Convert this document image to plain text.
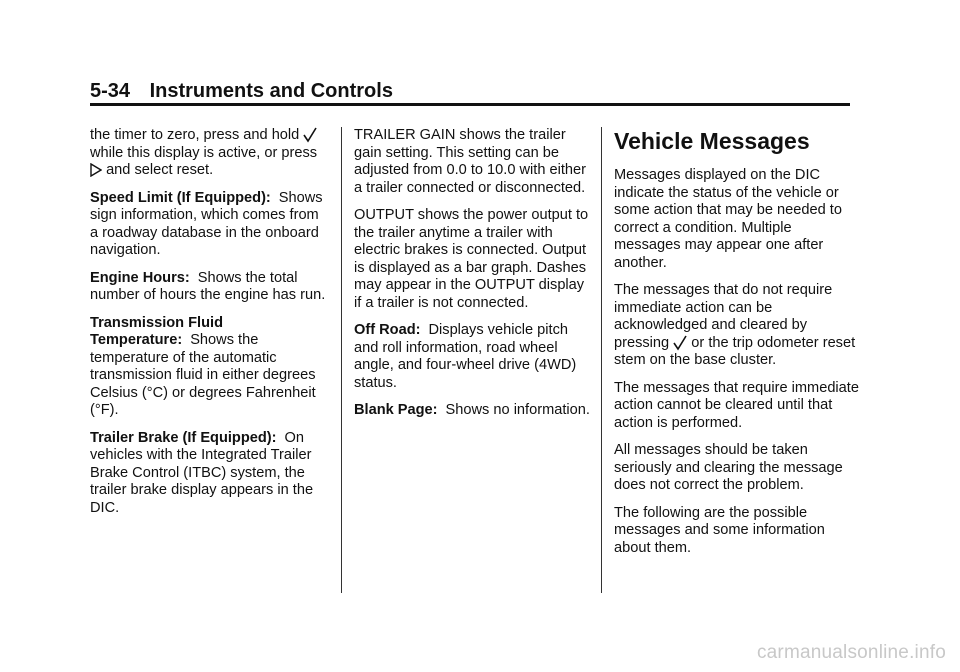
5-34 Instruments and Controls

the timer to zero, press and hold
while this display is active, or press

and select reset.

Speed Limit (If Equipped): Shows sign information, which comes from a roadway database in the onboard navigation.

Engine Hours: Shows the total number of hours the engine has run.

Transmission Fluid Temperature: Shows the temperature of the automatic transmission fluid in either degrees Celsius (°C) or degrees Fahrenheit (°F).

Trailer Brake (If Equipped): On vehicles with the Integrated Trailer Brake Control (ITBC) system, the trailer brake display appears in the DIC.

TRAILER GAIN shows the trailer gain setting. This setting can be adjusted from 0.0 to 10.0 with either a trailer connected or disconnected.

OUTPUT shows the power output to the trailer anytime a trailer with electric brakes is connected. Output is displayed as a bar graph. Dashes may appear in the OUTPUT display if a trailer is not connected.

Off Road: Displays vehicle pitch and roll information, road wheel angle, and four-wheel drive (4WD) status.

Blank Page: Shows no information.

Vehicle Messages

Messages displayed on the DIC indicate the status of the vehicle or some action that may be needed to correct a condition. Multiple messages may appear one after another.

The messages that do not require immediate action can be acknowledged and cleared by pressing or the trip odometer reset stem on the base cluster.

The messages that require immediate action cannot be cleared until that action is performed.

All messages should be taken seriously and clearing the message does not correct the problem.

The following are the possible messages and some information about them.

carmanualsonline.info
